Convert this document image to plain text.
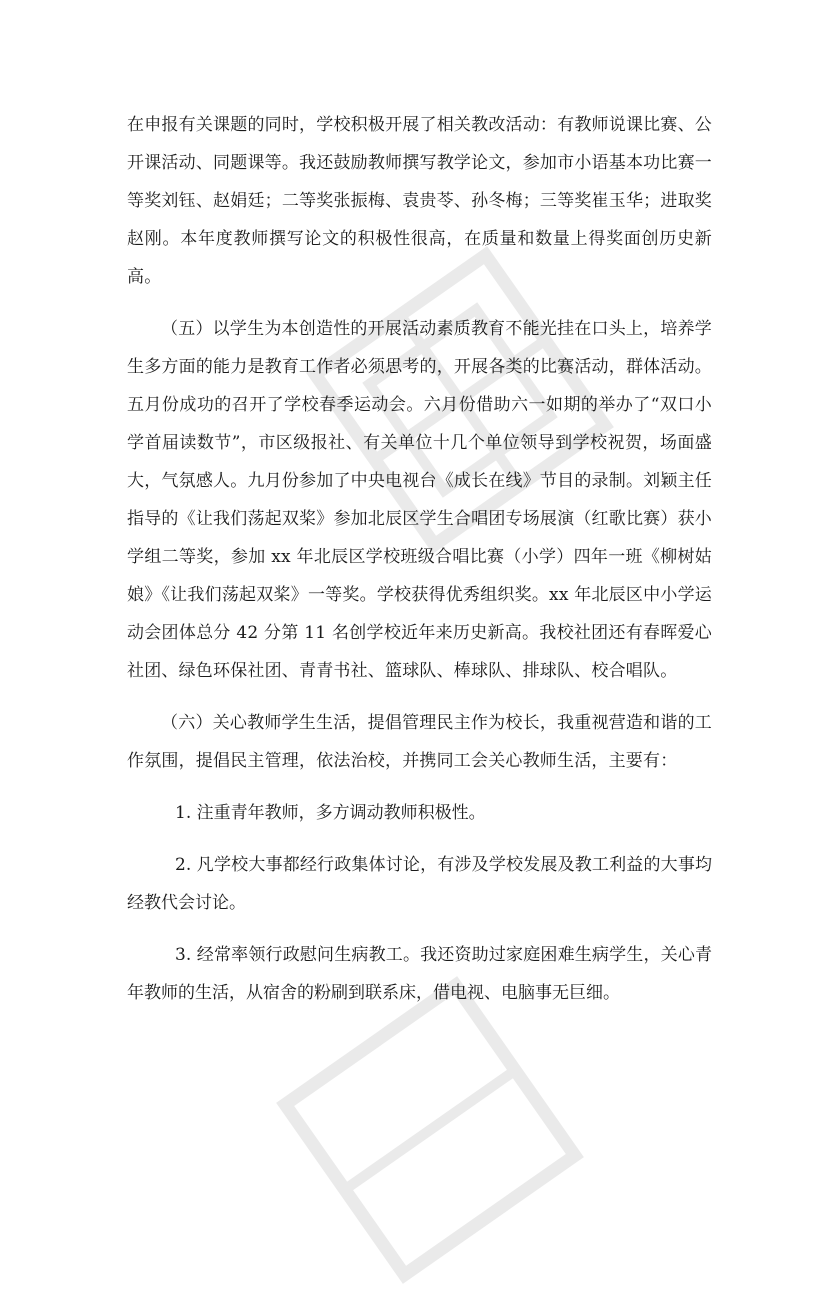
在申报有关课题的同时，学校积极开展了相关教改活动：有教师说课比赛、公开课活动、同题课等。我还鼓励教师撰写教学论文，参加市小语基本功比赛一等奖刘钰、赵娟廷；二等奖张振梅、袁贵苓、孙冬梅；三等奖崔玉华；进取奖赵刚。本年度教师撰写论文的积极性很高，在质量和数量上得奖面创历史新高。

（五）以学生为本创造性的开展活动素质教育不能光挂在口头上，培养学生多方面的能力是教育工作者必须思考的，开展各类的比赛活动，群体活动。五月份成功的召开了学校春季运动会。六月份借助六一如期的举办了“双口小学首届读数节”，市区级报社、有关单位十几个单位领导到学校祝贺，场面盛大，气氛感人。九月份参加了中央电视台《成长在线》节目的录制。刘颖主任指导的《让我们荡起双桨》参加北辰区学生合唱团专场展演（红歌比赛）获小学组二等奖，参加 xx 年北辰区学校班级合唱比赛（小学）四年一班《柳树姑娘》《让我们荡起双桨》一等奖。学校获得优秀组织奖。xx 年北辰区中小学运动会团体总分 42 分第 11 名创学校近年来历史新高。我校社团还有春晖爱心社团、绿色环保社团、青青书社、篮球队、棒球队、排球队、校合唱队。

（六）关心教师学生生活，提倡管理民主作为校长，我重视营造和谐的工作氛围，提倡民主管理，依法治校，并携同工会关心教师生活，主要有：

1. 注重青年教师，多方调动教师积极性。

2. 凡学校大事都经行政集体讨论，有涉及学校发展及教工利益的大事均经教代会讨论。

3. 经常率领行政慰问生病教工。我还资助过家庭困难生病学生，关心青年教师的生活，从宿舍的粉刷到联系床，借电视、电脑事无巨细。
